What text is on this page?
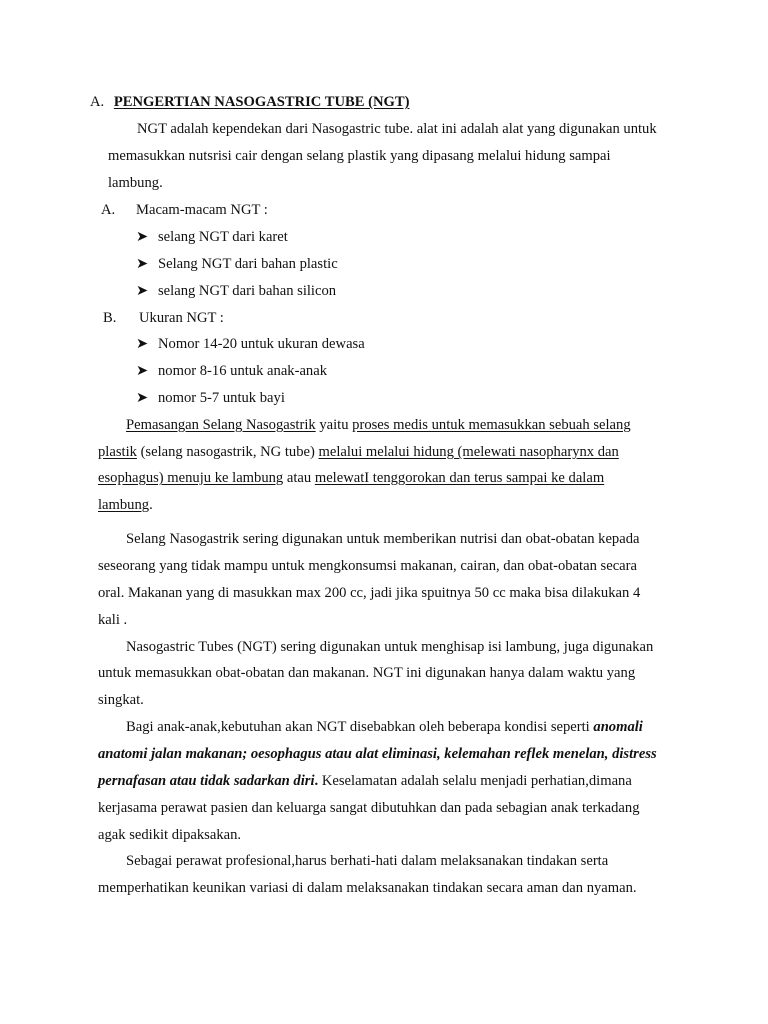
A. PENGERTIAN NASOGASTRIC TUBE (NGT)
NGT adalah kependekan dari Nasogastric tube. alat ini adalah alat yang digunakan untuk
memasukkan nutsrisi cair dengan selang plastik yang dipasang melalui hidung sampai
lambung.
A. Macam-macam NGT :
➤ selang NGT dari karet
➤ Selang NGT dari bahan plastic
➤ selang NGT dari bahan silicon
B. Ukuran NGT :
➤ Nomor 14-20 untuk ukuran dewasa
➤ nomor 8-16 untuk anak-anak
➤ nomor 5-7 untuk bayi
Pemasangan Selang Nasogastrik yaitu proses medis untuk memasukkan sebuah selang
plastik (selang nasogastrik, NG tube) melalui melalui hidung (melewati nasopharynx dan
esophagus) menuju ke lambung atau melewatI tenggorokan dan terus sampai ke dalam
lambung.
Selang Nasogastrik sering digunakan untuk memberikan nutrisi dan obat-obatan kepada
seseorang yang tidak mampu untuk mengkonsumsi makanan, cairan, dan obat-obatan secara
oral. Makanan yang di masukkan max 200 cc, jadi jika spuitnya 50 cc maka bisa dilakukan 4
kali .
Nasogastric Tubes (NGT) sering digunakan untuk menghisap isi lambung, juga digunakan
untuk memasukkan obat-obatan dan makanan. NGT ini digunakan hanya dalam waktu yang
singkat.
Bagi anak-anak,kebutuhan akan NGT disebabkan oleh beberapa kondisi seperti anomali
anatomi jalan makanan; oesophagus atau alat eliminasi, kelemahan reflek menelan, distress
pernafasan atau tidak sadarkan diri. Keselamatan adalah selalu menjadi perhatian,dimana
kerjasama perawat pasien dan keluarga sangat dibutuhkan dan pada sebagian anak terkadang
agak sedikit dipaksakan.
Sebagai perawat profesional,harus berhati-hati dalam melaksanakan tindakan serta
memperhatikan keunikan variasi di dalam melaksanakan tindakan secara aman dan nyaman.
